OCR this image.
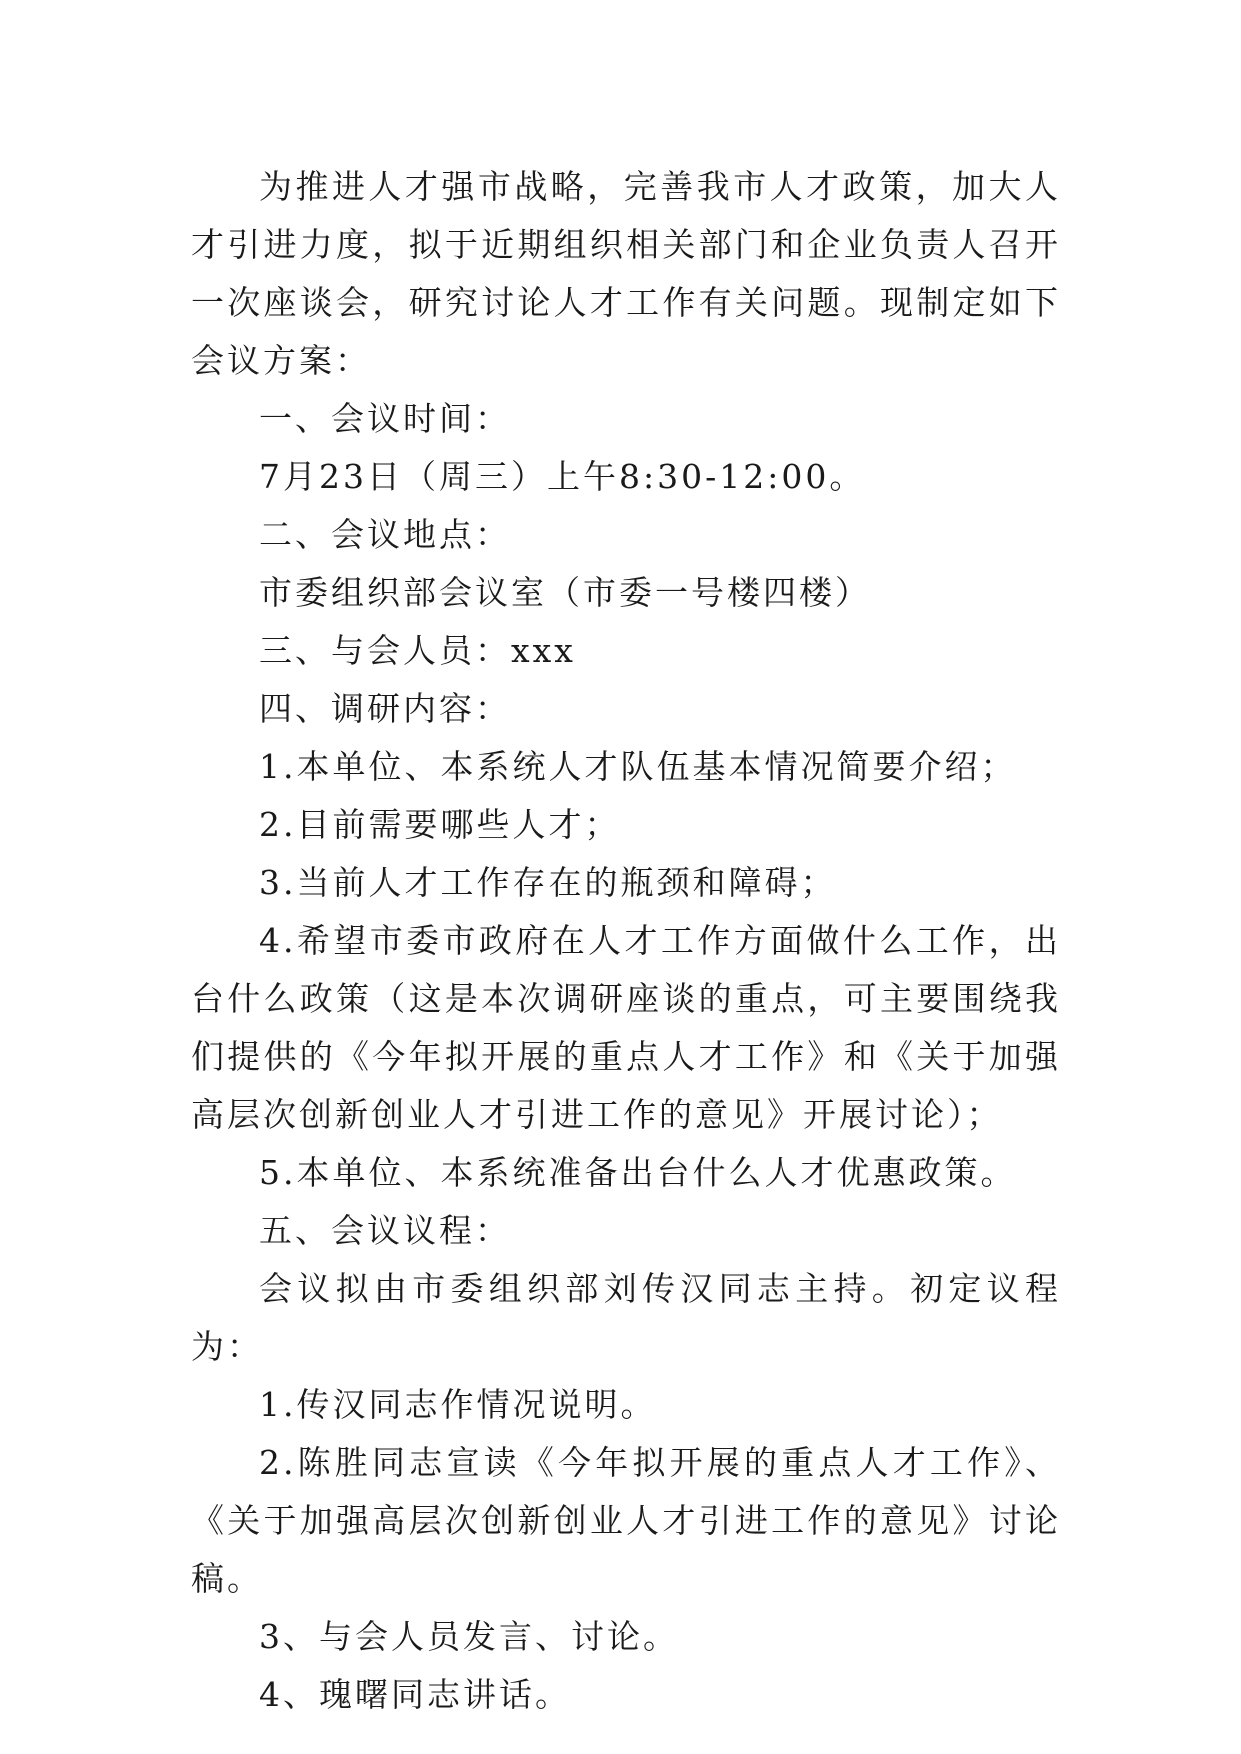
为推进人才强市战略，完善我市人才政策，加大人才引进力度，拟于近期组织相关部门和企业负责人召开一次座谈会，研究讨论人才工作有关问题。现制定如下会议方案：

一、会议时间：

7月23日（周三）上午8:30-12:00。

二、会议地点：

市委组织部会议室（市委一号楼四楼）

三、与会人员：xxx

四、调研内容：

1.本单位、本系统人才队伍基本情况简要介绍；

2.目前需要哪些人才；

3.当前人才工作存在的瓶颈和障碍；

4.希望市委市政府在人才工作方面做什么工作，出台什么政策（这是本次调研座谈的重点，可主要围绕我们提供的《今年拟开展的重点人才工作》和《关于加强高层次创新创业人才引进工作的意见》开展讨论）；

5.本单位、本系统准备出台什么人才优惠政策。

五、会议议程：

会议拟由市委组织部刘传汉同志主持。初定议程为：

1.传汉同志作情况说明。

2.陈胜同志宣读《今年拟开展的重点人才工作》、《关于加强高层次创新创业人才引进工作的意见》讨论稿。

3、与会人员发言、讨论。

4、瑰曙同志讲话。
